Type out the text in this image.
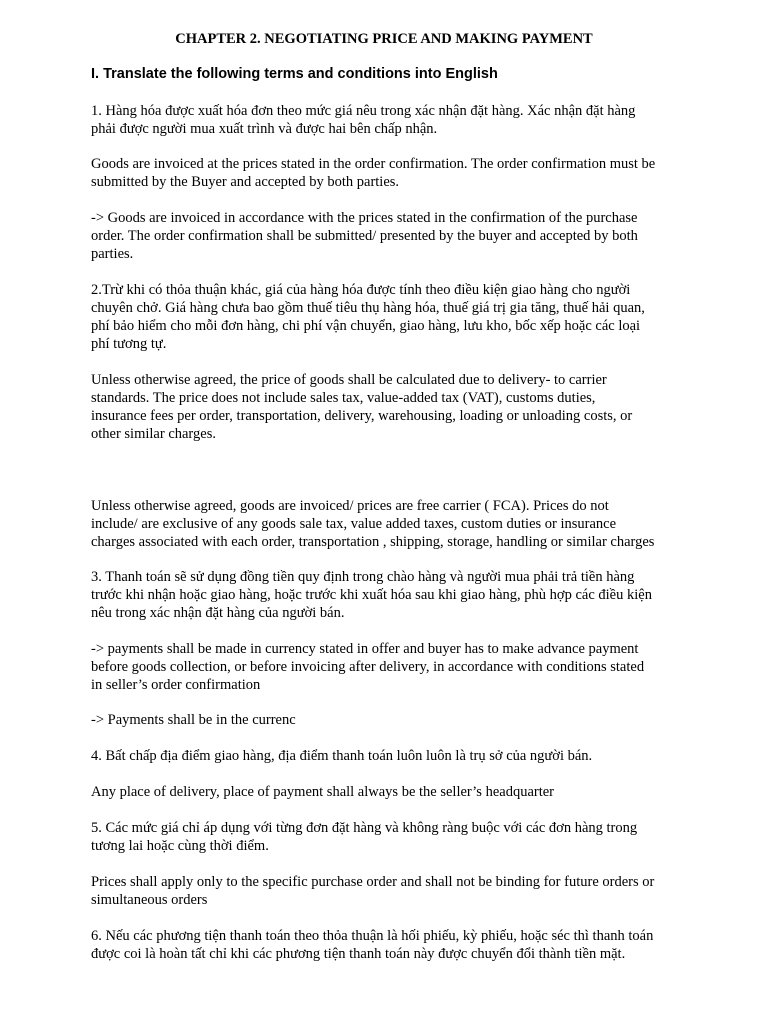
CHAPTER 2. NEGOTIATING PRICE AND MAKING PAYMENT
I. Translate the following terms and conditions into English
1. Hàng hóa được xuất hóa đơn theo mức giá nêu trong xác nhận đặt hàng. Xác nhận đặt hàng
phải được người mua xuất trình và được hai bên chấp nhận.
Goods are invoiced at the prices stated in the order confirmation. The order confirmation must be
submitted by the Buyer and accepted by both parties.
-> Goods are invoiced in accordance with the prices stated in the confirmation of the purchase
order. The order confirmation shall be submitted/ presented by the buyer and accepted by both
parties.
2.Trừ khi có thỏa thuận khác, giá của hàng hóa được tính theo điều kiện giao hàng cho người
chuyên chở. Giá hàng chưa bao gồm thuế tiêu thụ hàng hóa, thuế giá trị gia tăng, thuế hải quan,
phí bảo hiểm cho mỗi đơn hàng, chi phí vận chuyển, giao hàng, lưu kho, bốc xếp hoặc các loại
phí tương tự.
Unless otherwise agreed, the price of goods shall be calculated due to delivery- to carrier
standards. The price does not include sales tax, value-added tax (VAT), customs duties,
insurance fees per order, transportation, delivery, warehousing, loading or unloading costs, or
other similar charges.
Unless otherwise agreed, goods are invoiced/ prices are free carrier ( FCA). Prices do not
include/ are exclusive of any goods sale tax, value added taxes, custom duties or insurance
charges associated with each order, transportation , shipping, storage, handling or similar charges
3. Thanh toán sẽ sử dụng đồng tiền quy định trong chào hàng và người mua phải trả tiền hàng
trước khi nhận hoặc giao hàng, hoặc trước khi xuất hóa sau khi giao hàng, phù hợp các điều kiện
nêu trong xác nhận đặt hàng của người bán.
-> payments shall be made in currency stated in offer and buyer has to make advance payment
before goods collection, or before invoicing after delivery, in accordance with conditions stated
in seller’s order confirmation
-> Payments shall be in the currenc
4. Bất chấp địa điểm giao hàng, địa điểm thanh toán luôn luôn là trụ sở của người bán.
Any place of delivery, place of payment shall always be the seller’s headquarter
5. Các mức giá chỉ áp dụng với từng đơn đặt hàng và không ràng buộc với các đơn hàng trong
tương lai hoặc cùng thời điểm.
Prices shall apply only to the specific purchase order and shall not be binding for future orders or
simultaneous orders
6. Nếu các phương tiện thanh toán theo thỏa thuận là hối phiếu, kỳ phiếu, hoặc séc thì thanh toán
được coi là hoàn tất chỉ khi các phương tiện thanh toán này được chuyển đổi thành tiền mặt.
